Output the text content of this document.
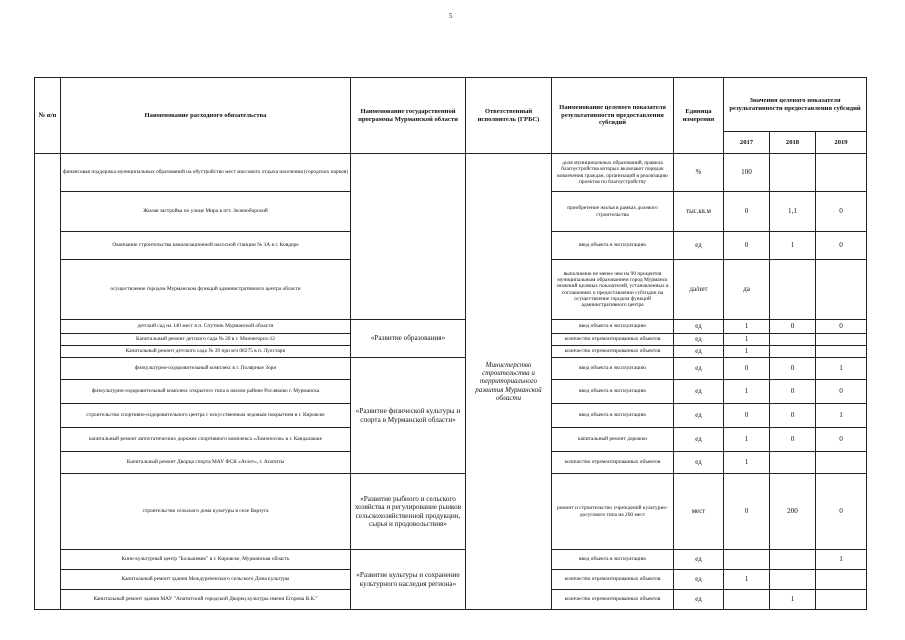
5
№ п/п	Наименование расходного обязательства	Наименование государственной программы Мурманской области	Ответственный исполнитель (ГРБС)	Наименование целевого показателя результативности предоставления субсидий	Единица измерения	Значения целевого показателя результативности предоставления субсидий		
						2017	2018	2019
	финансовая поддержка муниципальных образований на обустройство мест массового отдыха населения (городских парков)		Министерство строительства и территориального развития Мурманской области	доля муниципальных образований, правила благоустройства которых включают порядок вовлечения граждан, организаций в реализацию проектов по благоустройству	%	100		
	Жилая застройка по улице Мира в пгт. Зеленоборский			приобретение жилья в рамках долевого строительства	тыс.кв.м	0	1,1	0
	Окончание строительства канализационной насосной станции № 3А в г. Ковдоре			ввод объекта в эксплуатацию	ед	0	1	0
	осуществление городом Мурманском функций административного центра области			выполнение не менее чем на 90 процентов муниципальным образованием город Мурманск значений целевых показателей, установленных в соглашениях о предоставлении субсидии на осуществление городом функций административного центра	да/нет	да		
	детский сад на 140 мест в п. Спутник Мурманской области	«Развитие образования»		ввод объекта в эксплуатацию	ед	1	0	0
	Капитальный ремонт детского сада № 20 в г. Мончегорск-12			количество отремонтированных объектов	ед	1		
	Капитальный ремонт детского сада № 39 при в/ч 08275 в п. Луостари			количество отремонтированных объектов	ед	1		
	физкультурно-оздоровительный комплекс в г. Полярные Зори	«Развитие физической культуры и спорта в Мурманской области»		ввод объекта в эксплуатацию	ед	0	0	1
	физкультурно-оздоровительный комплекс открытого типа в жилом районе Росляково г. Мурманска			ввод объекта в эксплуатацию	ед	1	0	0
	строительство спортивно-оздоровительного центра с искусственным ледовым покрытием в г. Кировске			ввод объекта в эксплуатацию	ед	0	0	1
	капитальный ремонт автохтатических дорожек спортивного комплекса «Ломоносов» в г. Кандалакше			капитальный ремонт дорожки	ед	1	0	0
	Капитальный ремонт Дворца спорта МАУ ФСК «Атлет», г. Апатиты			количество отремонтированных объектов	ед	1		
	строительство сельского дома культуры в селе Варзуга	«Развитие рыбного и сельского хозяйства и регулирование рынков сельскохозяйственной продукции, сырья и продовольствия»		ремонт и строительство учреждений культурно-досугового типа на 200 мест	мест	0	200	0
	Кино-культурный центр "Большевик" в г. Кировске, Мурманская область	«Развитие культуры и сохранение культурного наследия региона»		ввод объекта в эксплуатацию	ед			1
	Капитальный ремонт здания Междуреченского сельского Дома культуры			количество отремонтированных объектов	ед	1		
	Капитальный ремонт здания МАУ "Апатитский городской Дворец культуры имени Егорова В.К."			количество отремонтированных объектов	ед		1	
